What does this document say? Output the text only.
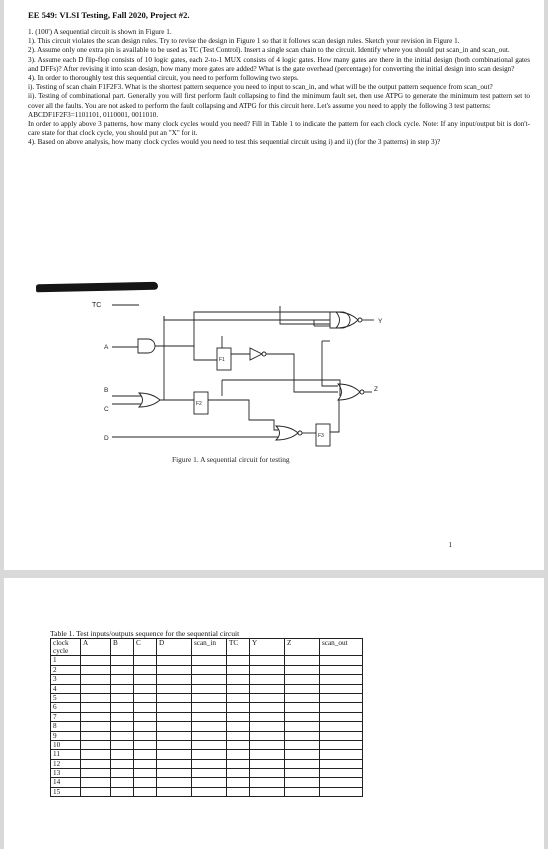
EE 549: VLSI Testing, Fall 2020, Project #2.

1. (100') A sequential circuit is shown in Figure 1.

1). This circuit violates the scan design rules. Try to revise the design in Figure 1 so that it follows scan design rules. Sketch your revision in Figure 1.

2). Assume only one extra pin is available to be used as TC (Test Control). Insert a single scan chain to the circuit. Identify where you should put scan_in and scan_out.

3). Assume each D flip-flop consists of 10 logic gates, each 2-to-1 MUX consists of 4 logic gates. How many gates are there in the initial design (both combinational gates and DFFs)? After revising it into scan design, how many more gates are added? What is the gate overhead (percentage) for converting the initial design into scan design?

4). In order to thoroughly test this sequential circuit, you need to perform following two steps.

i). Testing of scan chain F1F2F3. What is the shortest pattern sequence you need to input to scan_in, and what will be the output pattern sequence from scan_out?

ii). Testing of combinational part. Generally you will first perform fault collapsing to find the minimum fault set, then use ATPG to generate the minimum test pattern set to cover all the faults. You are not asked to perform the fault collapsing and ATPG for this circuit here. Let's assume you need to apply the following 3 test patterns:

ABCDF1F2F3=1101101, 0110001, 0011010.

In order to apply above 3 patterns, how many clock cycles would you need? Fill in Table 1 to indicate the pattern for each clock cycle. Note: If any input/output bit is don't-care state for that clock cycle, you should put an "X" for it.

4). Based on above analysis, how many clock cycles would you need to test this sequential circuit using i) and ii) (for the 3 patterns) in step 3)?

TC
A
B
C
D
Y
Z
F1
F2
F3
Figure 1. A sequential circuit for testing
1
Table 1. Test inputs/outputs sequence for the sequential circuit
clock cycle	A	B	C	D	scan_in	TC	Y	Z	scan_out
1									
2									
3									
4									
5									
6									
7									
8									
9									
10									
11									
12									
13									
14									
15									
